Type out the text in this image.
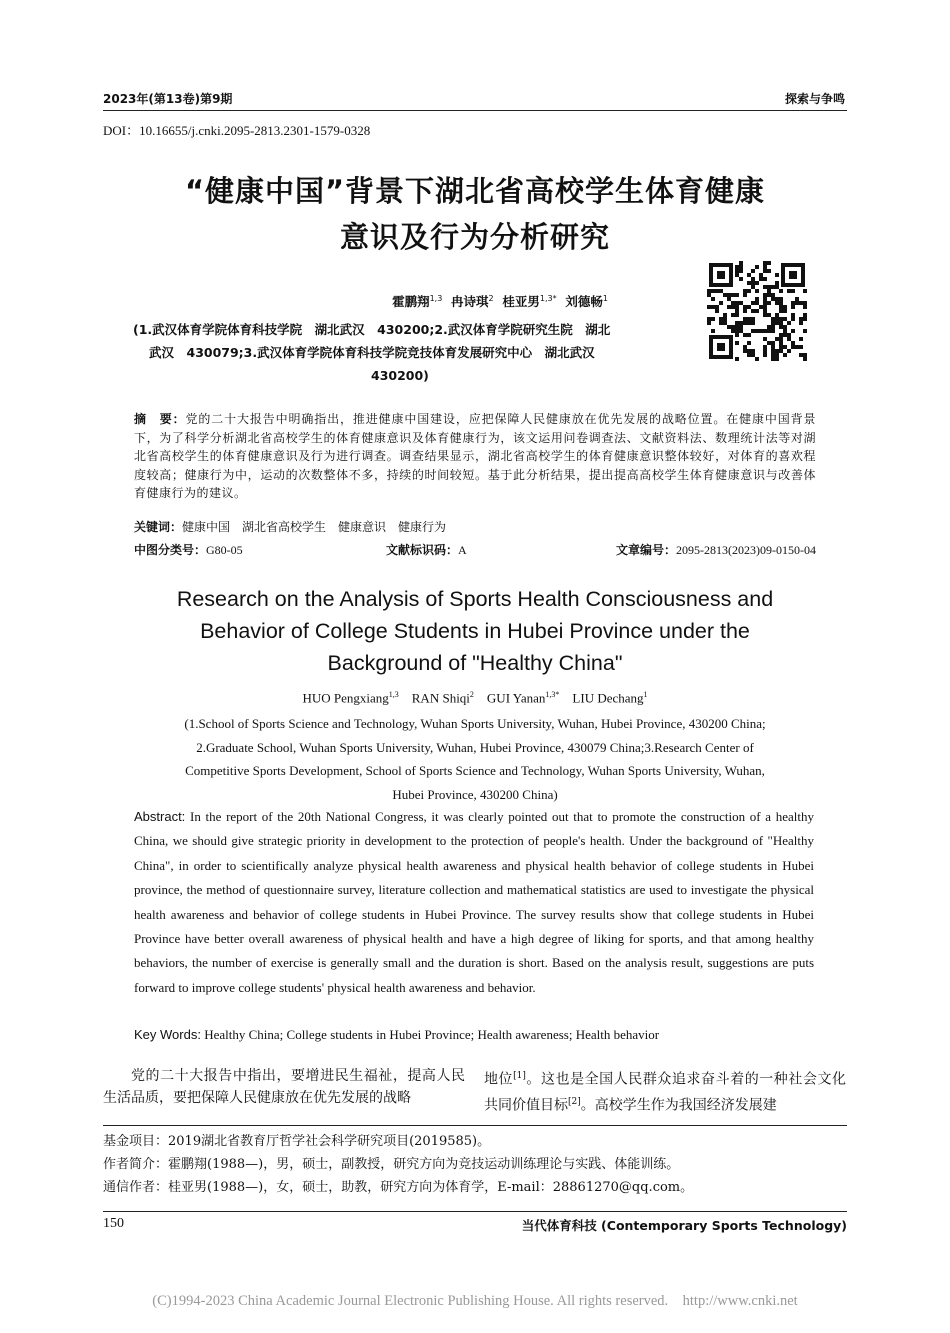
2023年(第13卷)第9期	探索与争鸣
DOI：10.16655/j.cnki.2095-2813.2301-1579-0328
“健康中国”背景下湖北省高校学生体育健康
意识及行为分析研究
霍鹏翔$^{1,3}$ 冉诗琪$^2$ 桂亚男$^{1,3*}$ 刘德畅$^1$
(1.武汉体育学院体育科技学院　湖北武汉　430200;2.武汉体育学院研究生院　湖北
武汉　430079;3.武汉体育学院体育科技学院竞技体育发展研究中心　湖北武汉
430200)
摘　要：党的二十大报告中明确指出，推进健康中国建设，应把保障人民健康放在优先发展的战略位置。在健康中国背景下，为了科学分析湖北省高校学生的体育健康意识及体育健康行为，该文运用问卷调查法、文献资料法、数理统计法等对湖北省高校学生的体育健康意识及行为进行调查。调查结果显示，湖北省高校学生的体育健康意识整体较好，对体育的喜欢程度较高；健康行为中，运动的次数整体不多，持续的时间较短。基于此分析结果，提出提高高校学生体育健康意识与改善体育健康行为的建议。
关键词：健康中国　湖北省高校学生　健康意识　健康行为
中图分类号：G80-05	文献标识码：A	文章编号：2095-2813(2023)09-0150-04
Research on the Analysis of Sports Health Consciousness and
Behavior of College Students in Hubei Province under the
Background of "Healthy China"
HUO Pengxiang$^{1,3}$ RAN Shiqi$^2$ GUI Yanan$^{1,3*}$ LIU Dechang$^1$
(1.School of Sports Science and Technology, Wuhan Sports University, Wuhan, Hubei Province, 430200 China;
2.Graduate School, Wuhan Sports University, Wuhan, Hubei Province, 430079 China;3.Research Center of
Competitive Sports Development, School of Sports Science and Technology, Wuhan Sports University, Wuhan,
Hubei Province, 430200 China)
Abstract: In the report of the 20th National Congress, it was clearly pointed out that to promote the construction of a healthy China, we should give strategic priority in development to the protection of people's health. Under the background of "Healthy China", in order to scientifically analyze physical health awareness and physical health behavior of college students in Hubei province, the method of questionnaire survey, literature collection and mathematical statistics are used to investigate the physical health awareness and behavior of college students in Hubei Province. The survey results show that college students in Hubei Province have better overall awareness of physical health and have a high degree of liking for sports, and that among healthy behaviors, the number of exercise is generally small and the duration is short. Based on the analysis result, suggestions are puts forward to improve college students' physical health awareness and behavior.
Key Words: Healthy China; College students in Hubei Province; Health awareness; Health behavior
党的二十大报告中指出，要增进民生福祉，提高人民生活品质，要把保障人民健康放在优先发展的战略
地位[1]。这也是全国人民群众追求奋斗着的一种社会文化共同价值目标[2]。高校学生作为我国经济发展建
基金项目：2019湖北省教育厅哲学社会科学研究项目(2019585)。
作者简介：霍鹏翔(1988—)，男，硕士，副教授，研究方向为竞技运动训练理论与实践、体能训练。
通信作者：桂亚男(1988—)，女，硕士，助教，研究方向为体育学，E-mail：28861270@qq.com。
150	当代体育科技 (Contemporary Sports Technology)
(C)1994-2023 China Academic Journal Electronic Publishing House. All rights reserved.　http://www.cnki.net
